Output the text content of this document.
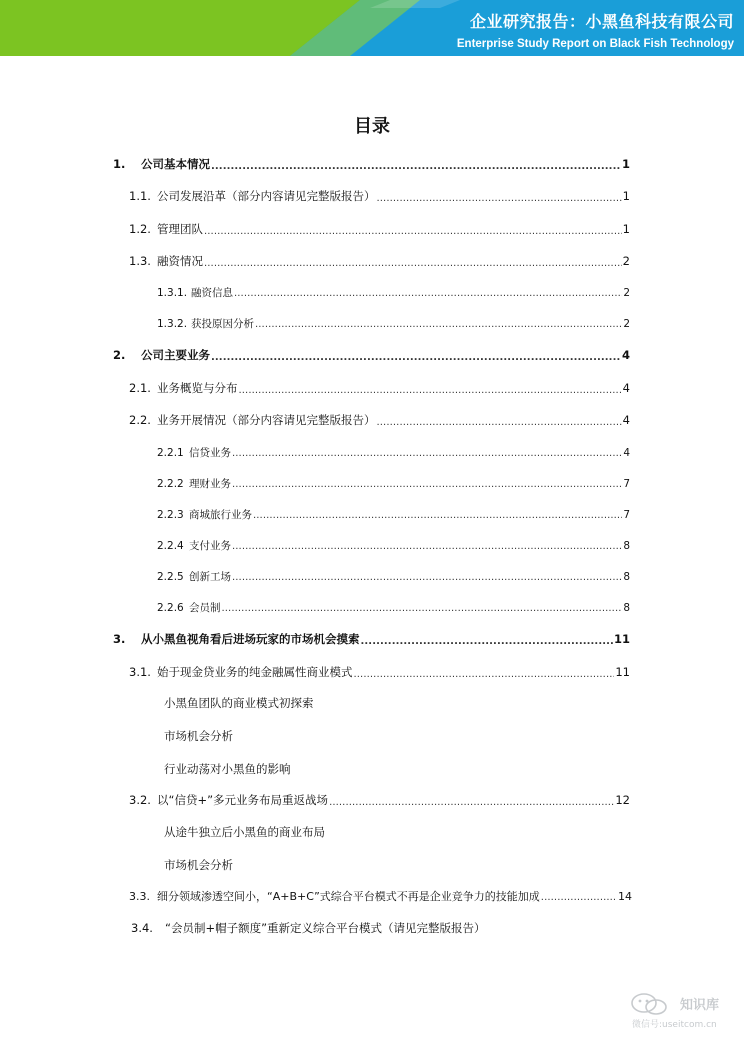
企业研究报告：小黑鱼科技有限公司
Enterprise Study Report on Black Fish Technology
目录
1.	公司基本情况 .....	1
1.1. 公司发展沿革（部分内容请见完整版报告） .....	1
1.2. 管理团队 .....	1
1.3. 融资情况 .....	2
1.3.1. 融资信息 .....	2
1.3.2. 获投原因分析 .....	2
2.	公司主要业务 .....	4
2.1. 业务概览与分布 .....	4
2.2. 业务开展情况（部分内容请见完整版报告） .....	4
2.2.1 信贷业务 .....	4
2.2.2 理财业务 .....	7
2.2.3 商城旅行业务 .....	7
2.2.4 支付业务 .....	8
2.2.5 创新工场 .....	8
2.2.6 会员制 .....	8
3.	从小黑鱼视角看后进场玩家的市场机会摸索 .....	11
3.1. 始于现金贷业务的纯金融属性商业模式 .....	11
小黑鱼团队的商业模式初探索
市场机会分析
行业动荡对小黑鱼的影响
3.2. 以“信贷+”多元业务布局重返战场 .....	12
从途牛独立后小黑鱼的商业布局
市场机会分析
3.3. 细分领域渗透空间小，“A+B+C”式综合平台模式不再是企业竞争力的技能加成 .....	14
3.4.	“会员制+帽子额度”重新定义综合平台模式（请见完整版报告）
知识库
微信号:useitcom.cn
